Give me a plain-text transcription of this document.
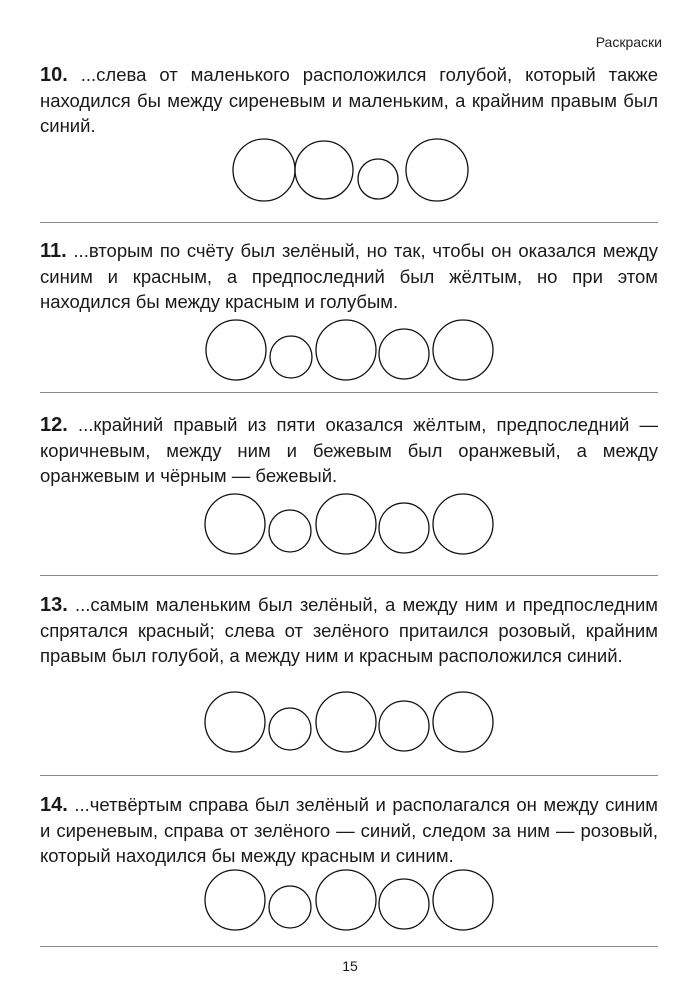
Раскраски
10. ...слева от маленького расположился голубой, который также находился бы между сиреневым и маленьким, а крайним правым был синий.
11. ...вторым по счёту был зелёный, но так, чтобы он оказался между синим и красным, а предпоследний был жёлтым, но при этом находился бы между красным и голубым.
12. ...крайний правый из пяти оказался жёлтым, предпоследний — коричневым, между ним и бежевым был оранжевый, а между оранжевым и чёрным — бежевый.
13. ...самым маленьким был зелёный, а между ним и предпоследним спрятался красный; слева от зелёного притаился розовый, крайним правым был голубой, а между ним и красным расположился синий.
14. ...четвёртым справа был зелёный и располагался он между синим и сиреневым, справа от зелёного — синий, следом за ним — розовый, который находился бы между красным и синим.
15
